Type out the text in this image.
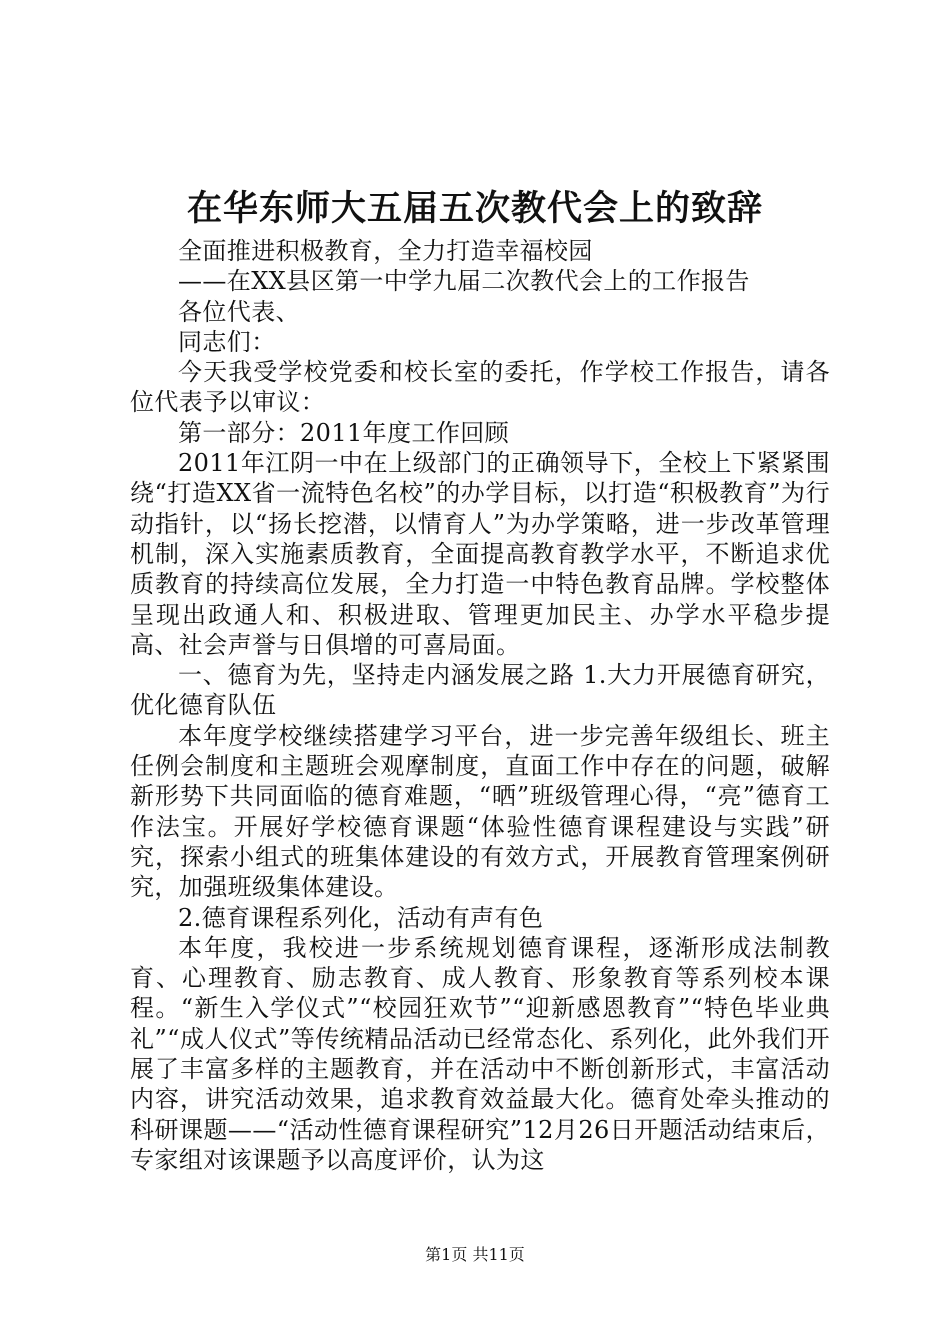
在华东师大五届五次教代会上的致辞

全面推进积极教育，全力打造幸福校园

——在XX县区第一中学九届二次教代会上的工作报告

各位代表、

同志们：

今天我受学校党委和校长室的委托，作学校工作报告，请各位代表予以审议：

第一部分：2011年度工作回顾

2011年江阴一中在上级部门的正确领导下，全校上下紧紧围绕“打造XX省一流特色名校”的办学目标，以打造“积极教育”为行动指针，以“扬长挖潜，以情育人”为办学策略，进一步改革管理机制，深入实施素质教育，全面提高教育教学水平，不断追求优质教育的持续高位发展，全力打造一中特色教育品牌。学校整体呈现出政通人和、积极进取、管理更加民主、办学水平稳步提高、社会声誉与日俱增的可喜局面。

一、德育为先，坚持走内涵发展之路 1.大力开展德育研究，优化德育队伍

本年度学校继续搭建学习平台，进一步完善年级组长、班主任例会制度和主题班会观摩制度，直面工作中存在的问题，破解新形势下共同面临的德育难题，“晒”班级管理心得，“亮”德育工作法宝。开展好学校德育课题“体验性德育课程建设与实践”研究，探索小组式的班集体建设的有效方式，开展教育管理案例研究，加强班级集体建设。

2.德育课程系列化，活动有声有色

本年度，我校进一步系统规划德育课程，逐渐形成法制教育、心理教育、励志教育、成人教育、形象教育等系列校本课程。“新生入学仪式”“校园狂欢节”“迎新感恩教育”“特色毕业典礼”“成人仪式”等传统精品活动已经常态化、系列化，此外我们开展了丰富多样的主题教育，并在活动中不断创新形式，丰富活动内容，讲究活动效果，追求教育效益最大化。德育处牵头推动的科研课题——“活动性德育课程研究”12月26日开题活动结束后，专家组对该课题予以高度评价，认为这

第1页 共11页
